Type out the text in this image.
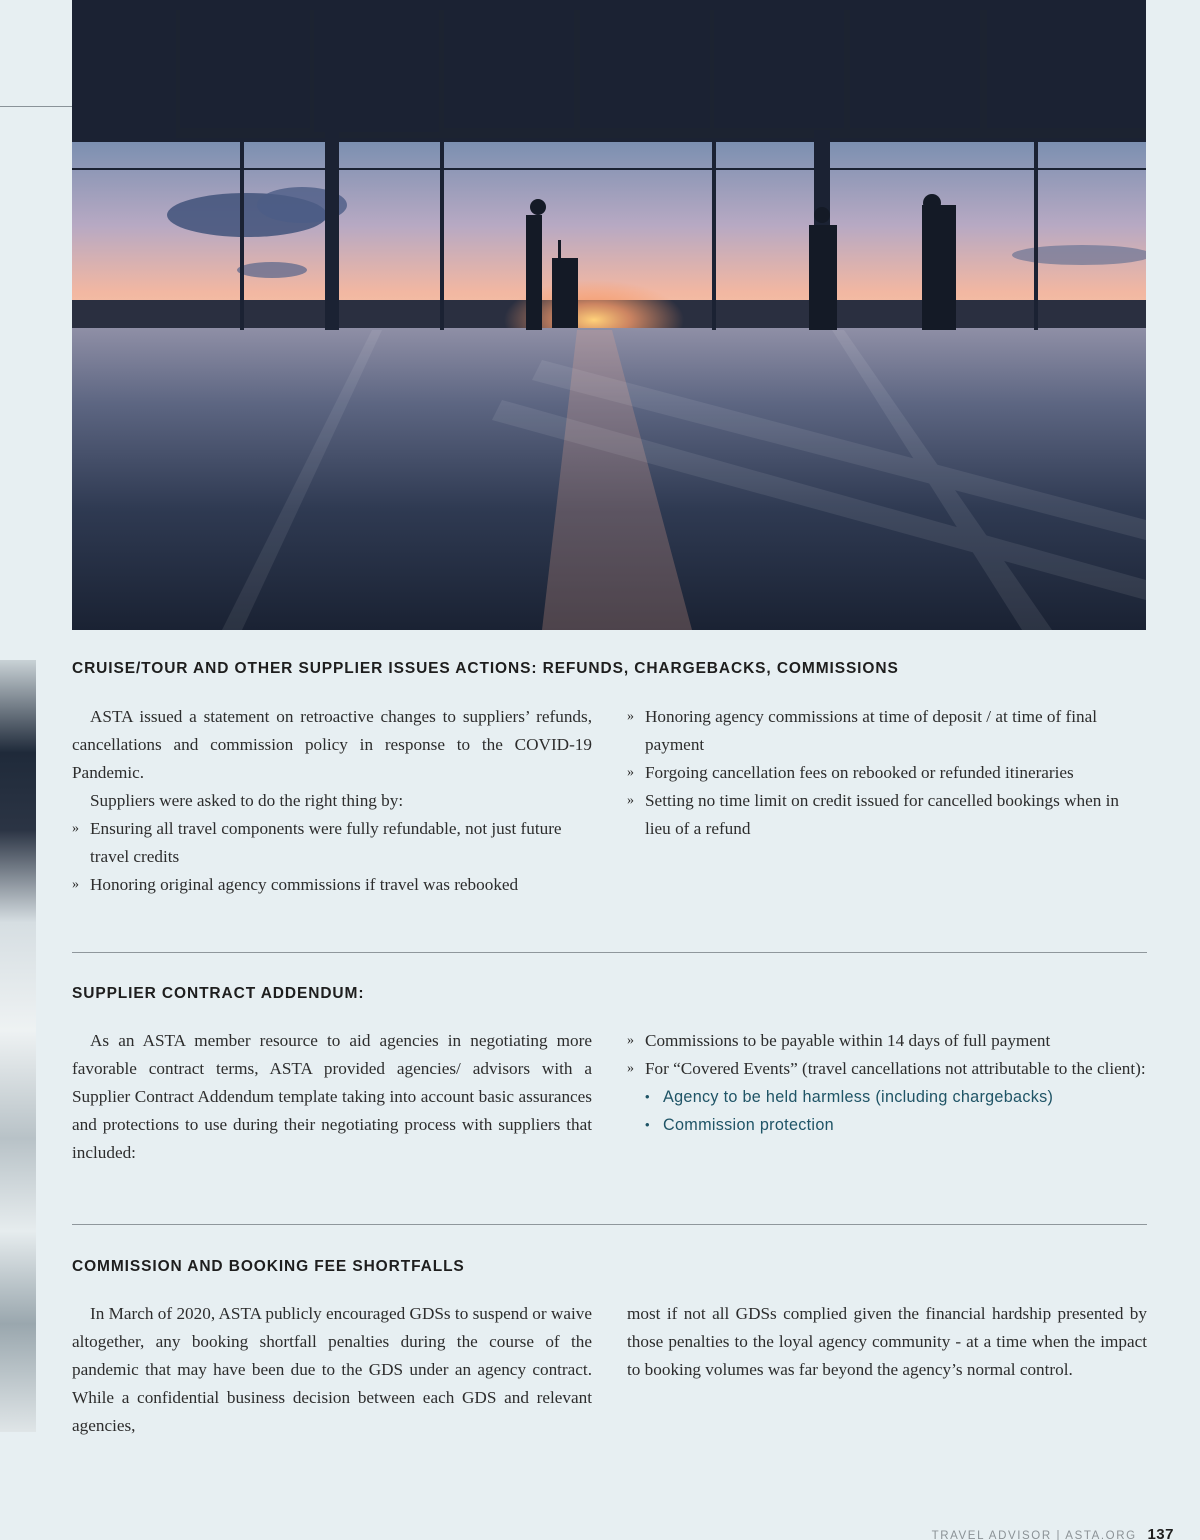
CRUISE/TOUR AND OTHER SUPPLIER ISSUES ACTIONS: REFUNDS, CHARGEBACKS, COMMISSIONS

ASTA issued a statement on retroactive changes to suppliers’ refunds, cancellations and commission policy in response to the COVID-19 Pandemic.

Suppliers were asked to do the right thing by:

» Ensuring all travel components were fully refundable, not just future travel credits
» Honoring original agency commissions if travel was rebooked
» Honoring agency commissions at time of deposit / at time of final payment
» Forgoing cancellation fees on rebooked or refunded itineraries
» Setting no time limit on credit issued for cancelled bookings when in lieu of a refund
SUPPLIER CONTRACT ADDENDUM:

As an ASTA member resource to aid agencies in negotiating more favorable contract terms, ASTA provided agencies/ advisors with a Supplier Contract Addendum template taking into account basic assurances and protections to use during their negotiating process with suppliers that included:

» Commissions to be payable within 14 days of full payment
» For “Covered Events” (travel cancellations not attributable to the client):
• Agency to be held harmless (including chargebacks)
• Commission protection
COMMISSION AND BOOKING FEE SHORTFALLS

In March of 2020, ASTA publicly encouraged GDSs to suspend or waive altogether, any booking shortfall penalties during the course of the pandemic that may have been due to the GDS under an agency contract. While a confidential business decision between each GDS and relevant agencies,

most if not all GDSs complied given the financial hardship presented by those penalties to the loyal agency community - at a time when the impact to booking volumes was far beyond the agency’s normal control.

TRAVEL ADVISOR | ASTA.ORG 137
